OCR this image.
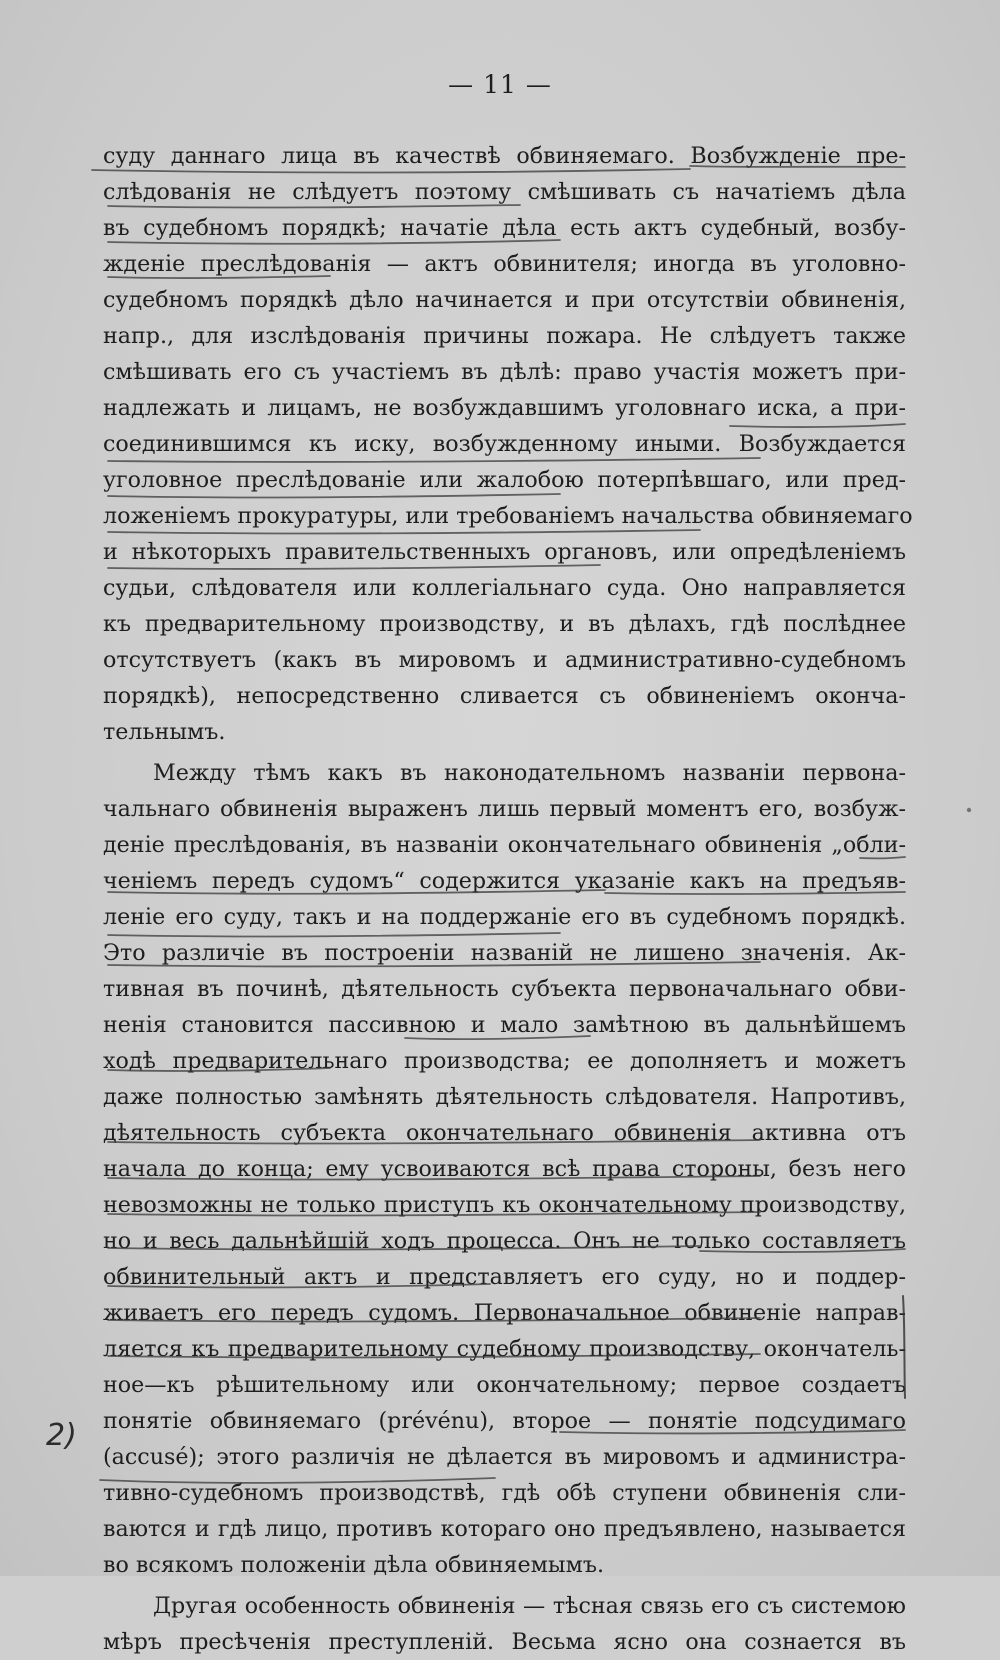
— 11 —
суду даннаго лица въ качествѣ обвиняемаго. Возбужденіе пре-
слѣдованія не слѣдуетъ поэтому смѣшивать съ начатіемъ дѣла
въ судебномъ порядкѣ; начатіе дѣла есть актъ судебный, возбу-
жденіе преслѣдованія — актъ обвинителя; иногда въ уголовно-
судебномъ порядкѣ дѣло начинается и при отсутствіи обвиненія,
напр., для изслѣдованія причины пожара. Не слѣдуетъ также
смѣшивать его съ участіемъ въ дѣлѣ: право участія можетъ при-
надлежать и лицамъ, не возбуждавшимъ уголовнаго иска, а при-
соединившимся къ иску, возбужденному иными. Возбуждается
уголовное преслѣдованіе или жалобою потерпѣвшаго, или пред-
ложеніемъ прокуратуры, или требованіемъ начальства обвиняемаго
и нѣкоторыхъ правительственныхъ органовъ, или опредѣленіемъ
судьи, слѣдователя или коллегіальнаго суда. Оно направляется
къ предварительному производству, и въ дѣлахъ, гдѣ послѣднее
отсутствуетъ (какъ въ мировомъ и административно-судебномъ
порядкѣ), непосредственно сливается съ обвиненіемъ оконча-
тельнымъ.
Между тѣмъ какъ въ наконодательномъ названіи первона-
чальнаго обвиненія выраженъ лишь первый моментъ его, возбуж-
деніе преслѣдованія, въ названіи окончательнаго обвиненія „обли-
ченіемъ передъ судомъ“ содержится указаніе какъ на предъяв-
леніе его суду, такъ и на поддержаніе его въ судебномъ порядкѣ.
Это различіе въ построеніи названій не лишено значенія. Ак-
тивная въ починѣ, дѣятельность субъекта первоначальнаго обви-
ненія становится пассивною и мало замѣтною въ дальнѣйшемъ
ходѣ предварительнаго производства; ее дополняетъ и можетъ
даже полностью замѣнять дѣятельность слѣдователя. Напротивъ,
дѣятельность субъекта окончательнаго обвиненія активна отъ
начала до конца; ему усвоиваются всѣ права стороны, безъ него
невозможны не только приступъ къ окончательному производству,
но и весь дальнѣйшій ходъ процесса. Онъ не только составляетъ
обвинительный актъ и представляетъ его суду, но и поддер-
живаетъ его передъ судомъ. Первоначальное обвиненіе направ-
ляется къ предварительному судебному производству, окончатель-
ное—къ рѣшительному или окончательному; первое создаетъ
понятіе обвиняемаго (prévénu), второе — понятіе подсудимаго
(accusé); этого различія не дѣлается въ мировомъ и администра-
тивно-судебномъ производствѣ, гдѣ обѣ ступени обвиненія сли-
ваются и гдѣ лицо, противъ котораго оно предъявлено, называется
во всякомъ положеніи дѣла обвиняемымъ.
Другая особенность обвиненія — тѣсная связь его съ системою
мѣръ пресѣченія преступленій. Весьма ясно она сознается въ
2)
